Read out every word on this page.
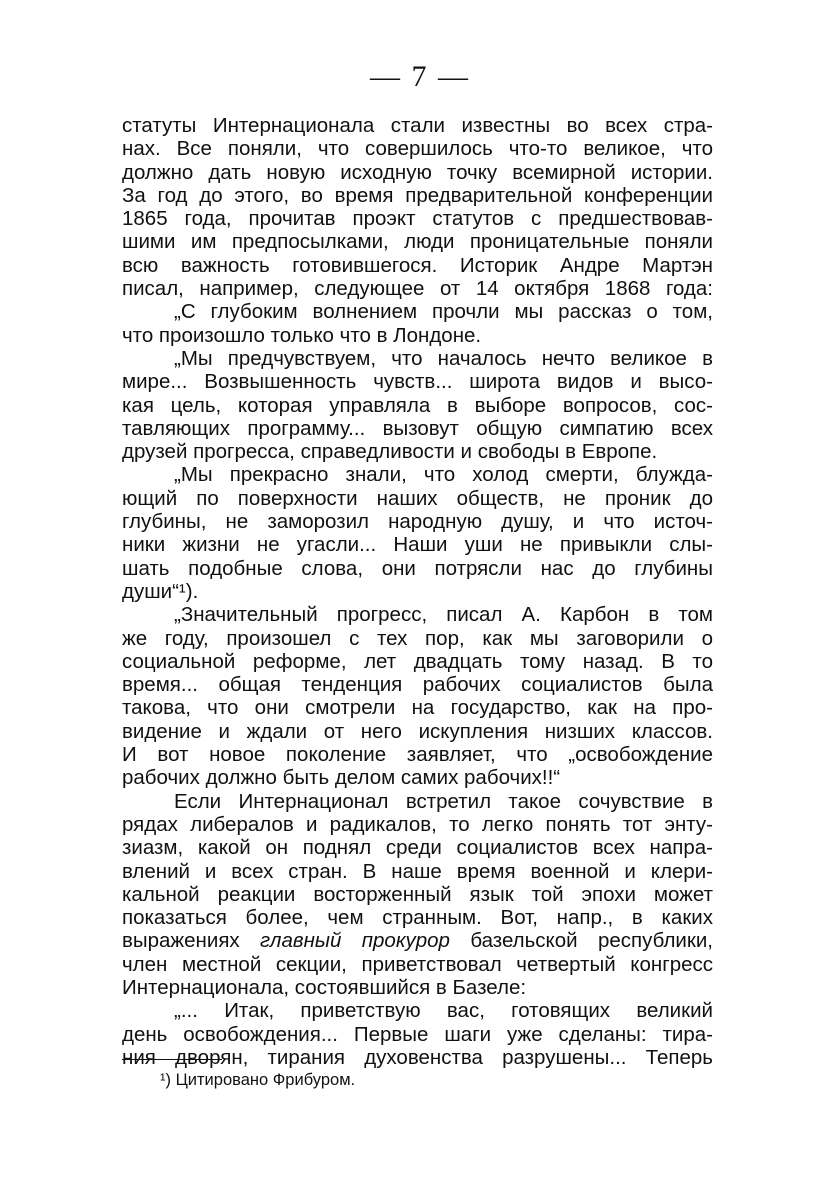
— 7 —
статуты Интернационала стали известны во всех стра-
нах. Все поняли, что совершилось что-то великое, что
должно дать новую исходную точку всемирной истории.
За год до этого, во время предварительной конференции
1865 года, прочитав проэкт статутов с предшествовав-
шими им предпосылками, люди проницательные поняли
всю важность готовившегося. Историк Андре Мартэн
писал, например, следующее от 14 октября 1868 года:
„С глубоким волнением прочли мы рассказ о том,
что произошло только что в Лондоне.
„Мы предчувствуем, что началось нечто великое в
мире... Возвышенность чувств... широта видов и высо-
кая цель, которая управляла в выборе вопросов, сос-
тавляющих программу... вызовут общую симпатию всех
друзей прогресса, справедливости и свободы в Европе.
„Мы прекрасно знали, что холод смерти, блужда-
ющий по поверхности наших обществ, не проник до
глубины, не заморозил народную душу, и что источ-
ники жизни не угасли... Наши уши не привыкли слы-
шать подобные слова, они потрясли нас до глубины
души“¹).
„Значительный прогресс, писал А. Карбон в том
же году, произошел с тех пор, как мы заговорили о
социальной реформе, лет двадцать тому назад. В то
время... общая тенденция рабочих социалистов была
такова, что они смотрели на государство, как на про-
видение и ждали от него искупления низших классов.
И вот новое поколение заявляет, что „освобождение
рабочих должно быть делом самих рабочих!!“
Если Интернационал встретил такое сочувствие в
рядах либералов и радикалов, то легко понять тот энту-
зиазм, какой он поднял среди социалистов всех напра-
влений и всех стран. В наше время военной и клери-
кальной реакции восторженный язык той эпохи может
показаться более, чем странным. Вот, напр., в каких
выражениях главный прокурор базельской республики,
член местной секции, приветствовал четвертый конгресс
Интернационала, состоявшийся в Базеле:
„... Итак, приветствую вас, готовящих великий
день освобождения... Первые шаги уже сделаны: тира-
ния дворян, тирания духовенства разрушены... Теперь
¹) Цитировано Фрибуром.
